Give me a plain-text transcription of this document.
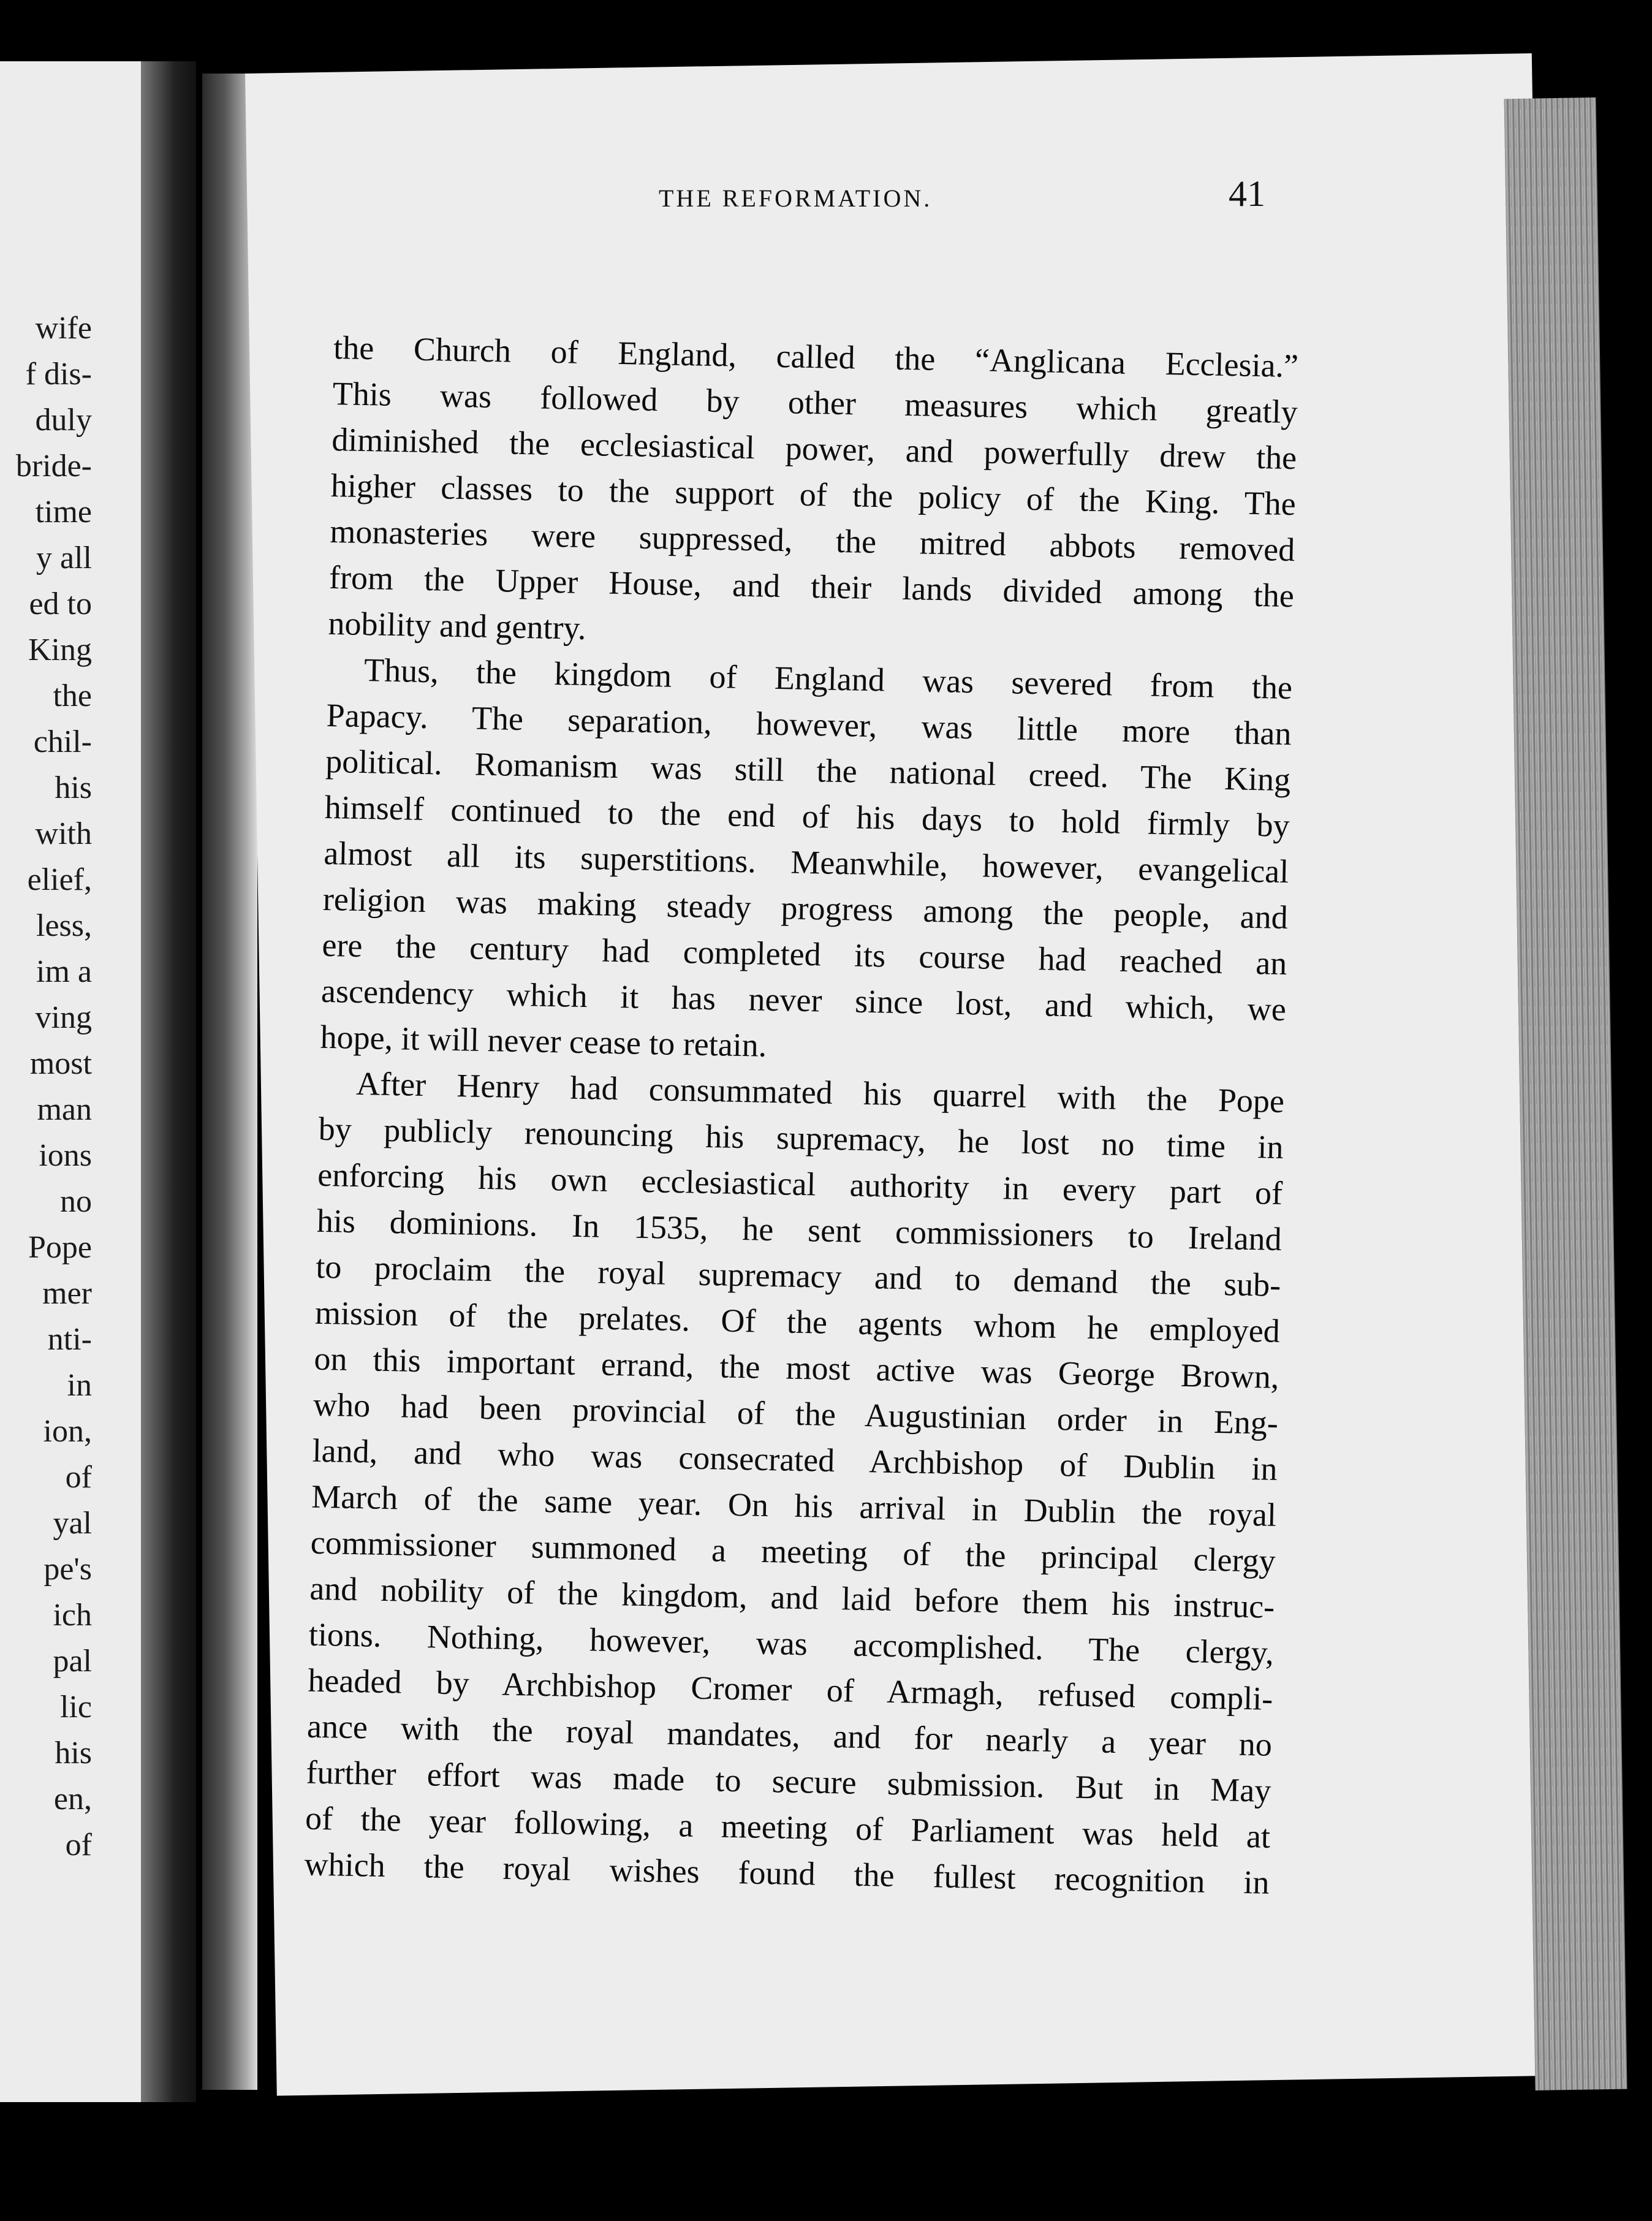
wife
f dis-
duly
bride-
time
y all
ed to
King
the
chil-
his
with
elief,
less,
im a
ving
most
man
ions
no
Pope
mer
nti-
in
ion,
of
yal
pe's
ich
pal
lic
his
en,
of
THE REFORMATION.	41
the Church of England, called the “Anglicana Ecclesia.”
This was followed by other measures which greatly
diminished the ecclesiastical power, and powerfully drew the
higher classes to the support of the policy of the King. The
monasteries were suppressed, the mitred abbots removed
from the Upper House, and their lands divided among the
nobility and gentry.
Thus, the kingdom of England was severed from the
Papacy. The separation, however, was little more than
political. Romanism was still the national creed. The King
himself continued to the end of his days to hold firmly by
almost all its superstitions. Meanwhile, however, evangelical
religion was making steady progress among the people, and
ere the century had completed its course had reached an
ascendency which it has never since lost, and which, we
hope, it will never cease to retain.
After Henry had consummated his quarrel with the Pope
by publicly renouncing his supremacy, he lost no time in
enforcing his own ecclesiastical authority in every part of
his dominions. In 1535, he sent commissioners to Ireland
to proclaim the royal supremacy and to demand the sub-
mission of the prelates. Of the agents whom he employed
on this important errand, the most active was George Brown,
who had been provincial of the Augustinian order in Eng-
land, and who was consecrated Archbishop of Dublin in
March of the same year. On his arrival in Dublin the royal
commissioner summoned a meeting of the principal clergy
and nobility of the kingdom, and laid before them his instruc-
tions. Nothing, however, was accomplished. The clergy,
headed by Archbishop Cromer of Armagh, refused compli-
ance with the royal mandates, and for nearly a year no
further effort was made to secure submission. But in May
of the year following, a meeting of Parliament was held at
which the royal wishes found the fullest recognition in
